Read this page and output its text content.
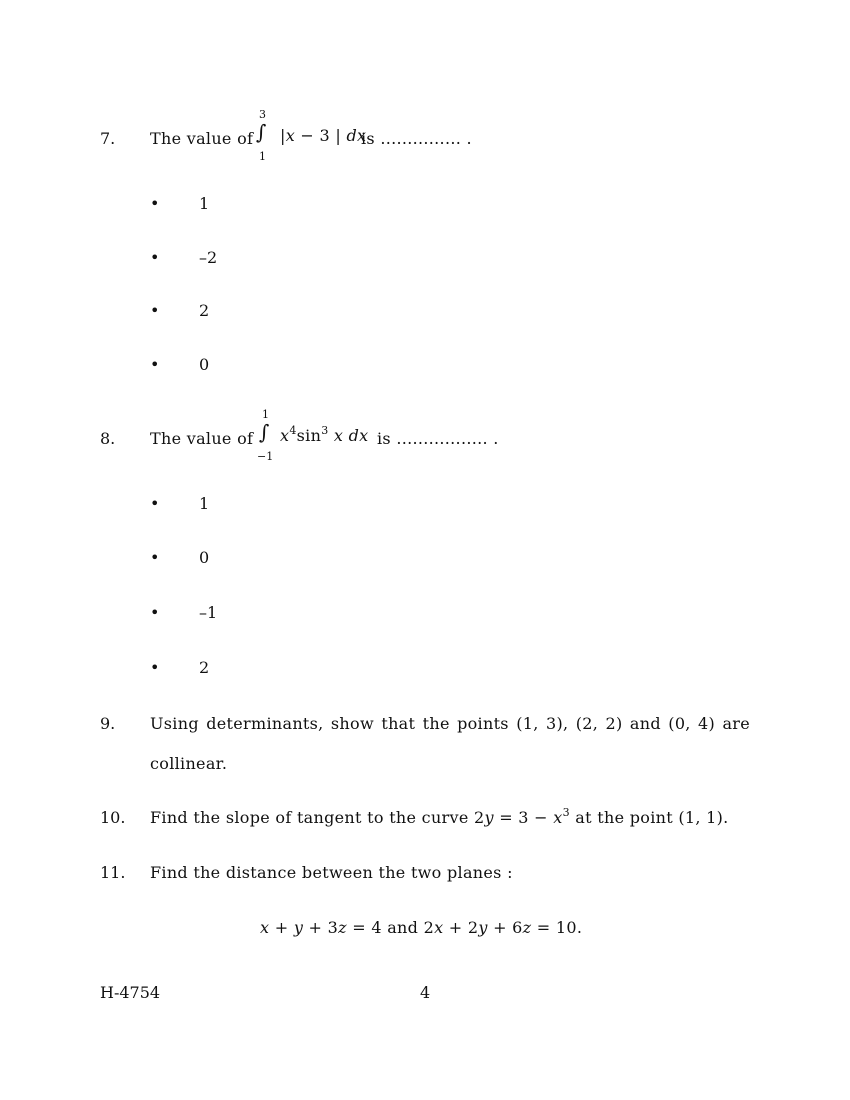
7. The value of
3
∫
1
|x − 3 | dx
is ............... .
• 1
• –2
• 2
• 0
8. The value of
1
∫
−1
$x^4\sin^3$ x dx is ................. .
• 1
• 0
• –1
• 2
9. Using determinants, show that the points (1, 3), (2, 2) and (0, 4) are
collinear.
10. Find the slope of tangent to the curve $2y = 3 - x^3$ at the point (1, 1).
11. Find the distance between the two planes :
x + y + 3z = 4 and 2x + 2y + 6z = 10.
H-4754	4
